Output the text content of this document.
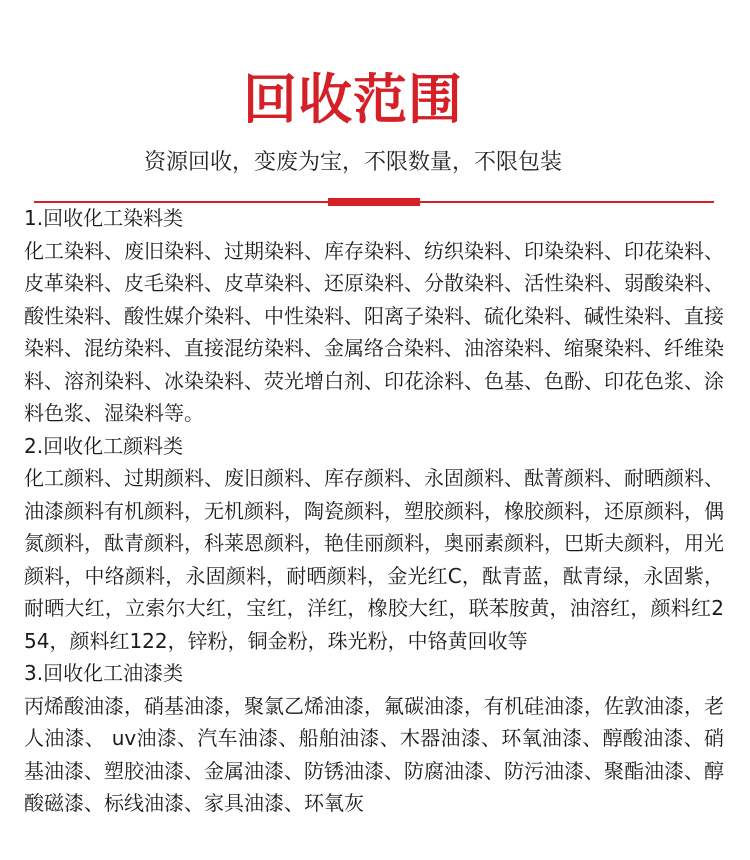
回收范围
资源回收，变废为宝，不限数量，不限包装
1.回收化工染料类
化工染料、废旧染料、过期染料、库存染料、纺织染料、印染染料、印花染料、皮革染料、皮毛染料、皮草染料、还原染料、分散染料、活性染料、弱酸染料、酸性染料、酸性媒介染料、中性染料、阳离子染料、硫化染料、碱性染料、直接染料、混纺染料、直接混纺染料、金属络合染料、油溶染料、缩聚染料、纤维染料、溶剂染料、冰染染料、荧光增白剂、印花涂料、色基、色酚、印花色浆、涂料色浆、湿染料等。
2.回收化工颜料类
化工颜料、过期颜料、废旧颜料、库存颜料、永固颜料、酞菁颜料、耐晒颜料、油漆颜料有机颜料，无机颜料，陶瓷颜料，塑胶颜料，橡胶颜料，还原颜料，偶氮颜料，酞青颜料，科莱恩颜料，艳佳丽颜料，奥丽素颜料，巴斯夫颜料，用光颜料，中络颜料，永固颜料，耐晒颜料，金光红C，酞青蓝，酞青绿，永固紫，耐晒大红，立索尔大红，宝红，洋红，橡胶大红，联苯胺黄，油溶红，颜料红254，颜料红122，锌粉，铜金粉，珠光粉，中铬黄回收等
3.回收化工油漆类
丙烯酸油漆，硝基油漆，聚氯乙烯油漆，氟碳油漆，有机硅油漆，佐敦油漆，老人油漆、 uv油漆、汽车油漆、船舶油漆、木器油漆、环氧油漆、醇酸油漆、硝基油漆、塑胶油漆、金属油漆、防锈油漆、防腐油漆、防污油漆、聚酯油漆、醇酸磁漆、标线油漆、家具油漆、环氧灰
